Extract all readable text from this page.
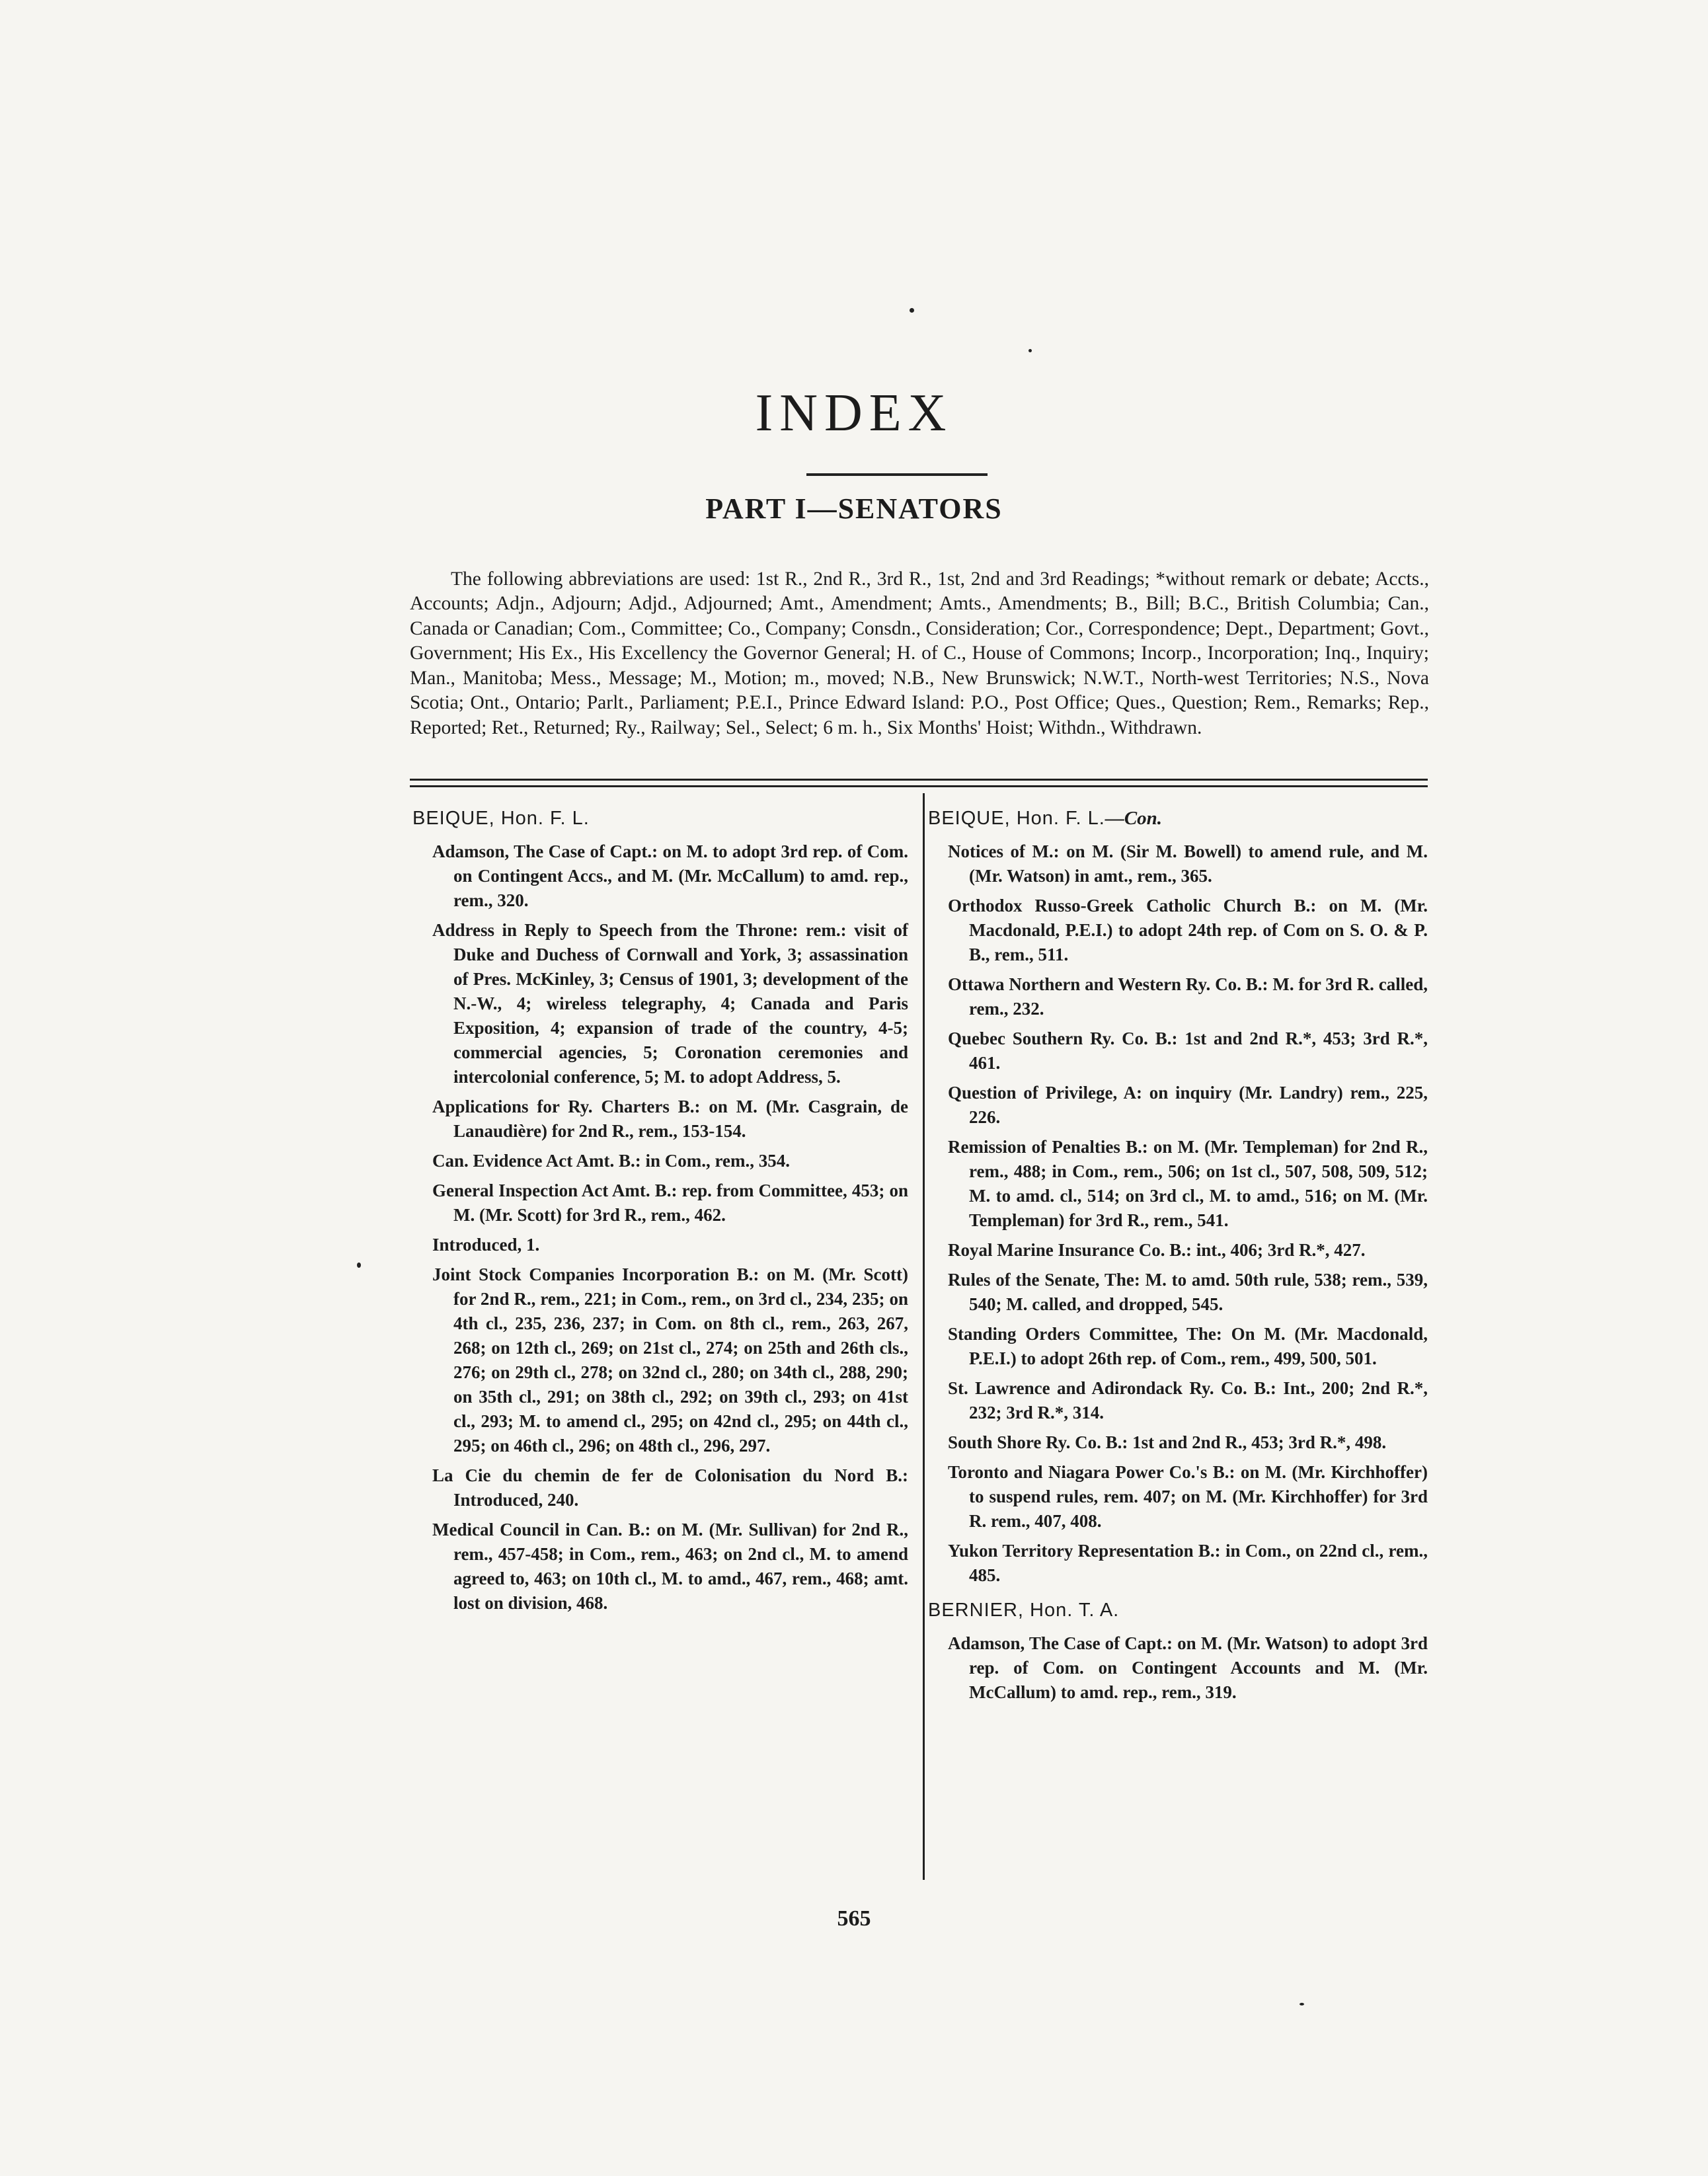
INDEX
PART I—SENATORS

The following abbreviations are used: 1st R., 2nd R., 3rd R., 1st, 2nd and 3rd Readings; *without remark or debate; Accts., Accounts; Adjn., Adjourn; Adjd., Adjourned; Amt., Amendment; Amts., Amendments; B., Bill; B.C., British Columbia; Can., Canada or Canadian; Com., Committee; Co., Company; Consdn., Consideration; Cor., Correspondence; Dept., Department; Govt., Government; His Ex., His Excellency the Governor General; H. of C., House of Commons; Incorp., Incorporation; Inq., Inquiry; Man., Manitoba; Mess., Message; M., Motion; m., moved; N.B., New Brunswick; N.W.T., North-west Territories; N.S., Nova Scotia; Ont., Ontario; Parlt., Parliament; P.E.I., Prince Edward Island: P.O., Post Office; Ques., Question; Rem., Remarks; Rep., Reported; Ret., Returned; Ry., Railway; Sel., Select; 6 m. h., Six Months' Hoist; Withdn., Withdrawn.

BEIQUE, Hon. F. L.
Adamson, The Case of Capt.: on M. to adopt 3rd rep. of Com. on Contingent Accs., and M. (Mr. McCallum) to amd. rep., rem., 320.
Address in Reply to Speech from the Throne: rem.: visit of Duke and Duchess of Cornwall and York, 3; assassination of Pres. McKinley, 3; Census of 1901, 3; development of the N.-W., 4; wireless telegraphy, 4; Canada and Paris Exposition, 4; expansion of trade of the country, 4-5; commercial agencies, 5; Coronation ceremonies and intercolonial conference, 5; M. to adopt Address, 5.
Applications for Ry. Charters B.: on M. (Mr. Casgrain, de Lanaudière) for 2nd R., rem., 153-154.
Can. Evidence Act Amt. B.: in Com., rem., 354.
General Inspection Act Amt. B.: rep. from Committee, 453; on M. (Mr. Scott) for 3rd R., rem., 462.
Introduced, 1.
Joint Stock Companies Incorporation B.: on M. (Mr. Scott) for 2nd R., rem., 221; in Com., rem., on 3rd cl., 234, 235; on 4th cl., 235, 236, 237; in Com. on 8th cl., rem., 263, 267, 268; on 12th cl., 269; on 21st cl., 274; on 25th and 26th cls., 276; on 29th cl., 278; on 32nd cl., 280; on 34th cl., 288, 290; on 35th cl., 291; on 38th cl., 292; on 39th cl., 293; on 41st cl., 293; M. to amend cl., 295; on 42nd cl., 295; on 44th cl., 295; on 46th cl., 296; on 48th cl., 296, 297.
La Cie du chemin de fer de Colonisation du Nord B.: Introduced, 240.
Medical Council in Can. B.: on M. (Mr. Sullivan) for 2nd R., rem., 457-458; in Com., rem., 463; on 2nd cl., M. to amend agreed to, 463; on 10th cl., M. to amd., 467, rem., 468; amt. lost on division, 468.
BEIQUE, Hon. F. L.—Con.
Notices of M.: on M. (Sir M. Bowell) to amend rule, and M. (Mr. Watson) in amt., rem., 365.
Orthodox Russo-Greek Catholic Church B.: on M. (Mr. Macdonald, P.E.I.) to adopt 24th rep. of Com on S. O. & P. B., rem., 511.
Ottawa Northern and Western Ry. Co. B.: M. for 3rd R. called, rem., 232.
Quebec Southern Ry. Co. B.: 1st and 2nd R.*, 453; 3rd R.*, 461.
Question of Privilege, A: on inquiry (Mr. Landry) rem., 225, 226.
Remission of Penalties B.: on M. (Mr. Templeman) for 2nd R., rem., 488; in Com., rem., 506; on 1st cl., 507, 508, 509, 512; M. to amd. cl., 514; on 3rd cl., M. to amd., 516; on M. (Mr. Templeman) for 3rd R., rem., 541.
Royal Marine Insurance Co. B.: int., 406; 3rd R.*, 427.
Rules of the Senate, The: M. to amd. 50th rule, 538; rem., 539, 540; M. called, and dropped, 545.
Standing Orders Committee, The: On M. (Mr. Macdonald, P.E.I.) to adopt 26th rep. of Com., rem., 499, 500, 501.
St. Lawrence and Adirondack Ry. Co. B.: Int., 200; 2nd R.*, 232; 3rd R.*, 314.
South Shore Ry. Co. B.: 1st and 2nd R., 453; 3rd R.*, 498.
Toronto and Niagara Power Co.'s B.: on M. (Mr. Kirchhoffer) to suspend rules, rem. 407; on M. (Mr. Kirchhoffer) for 3rd R. rem., 407, 408.
Yukon Territory Representation B.: in Com., on 22nd cl., rem., 485.
BERNIER, Hon. T. A.
Adamson, The Case of Capt.: on M. (Mr. Watson) to adopt 3rd rep. of Com. on Contingent Accounts and M. (Mr. McCallum) to amd. rep., rem., 319.
565
